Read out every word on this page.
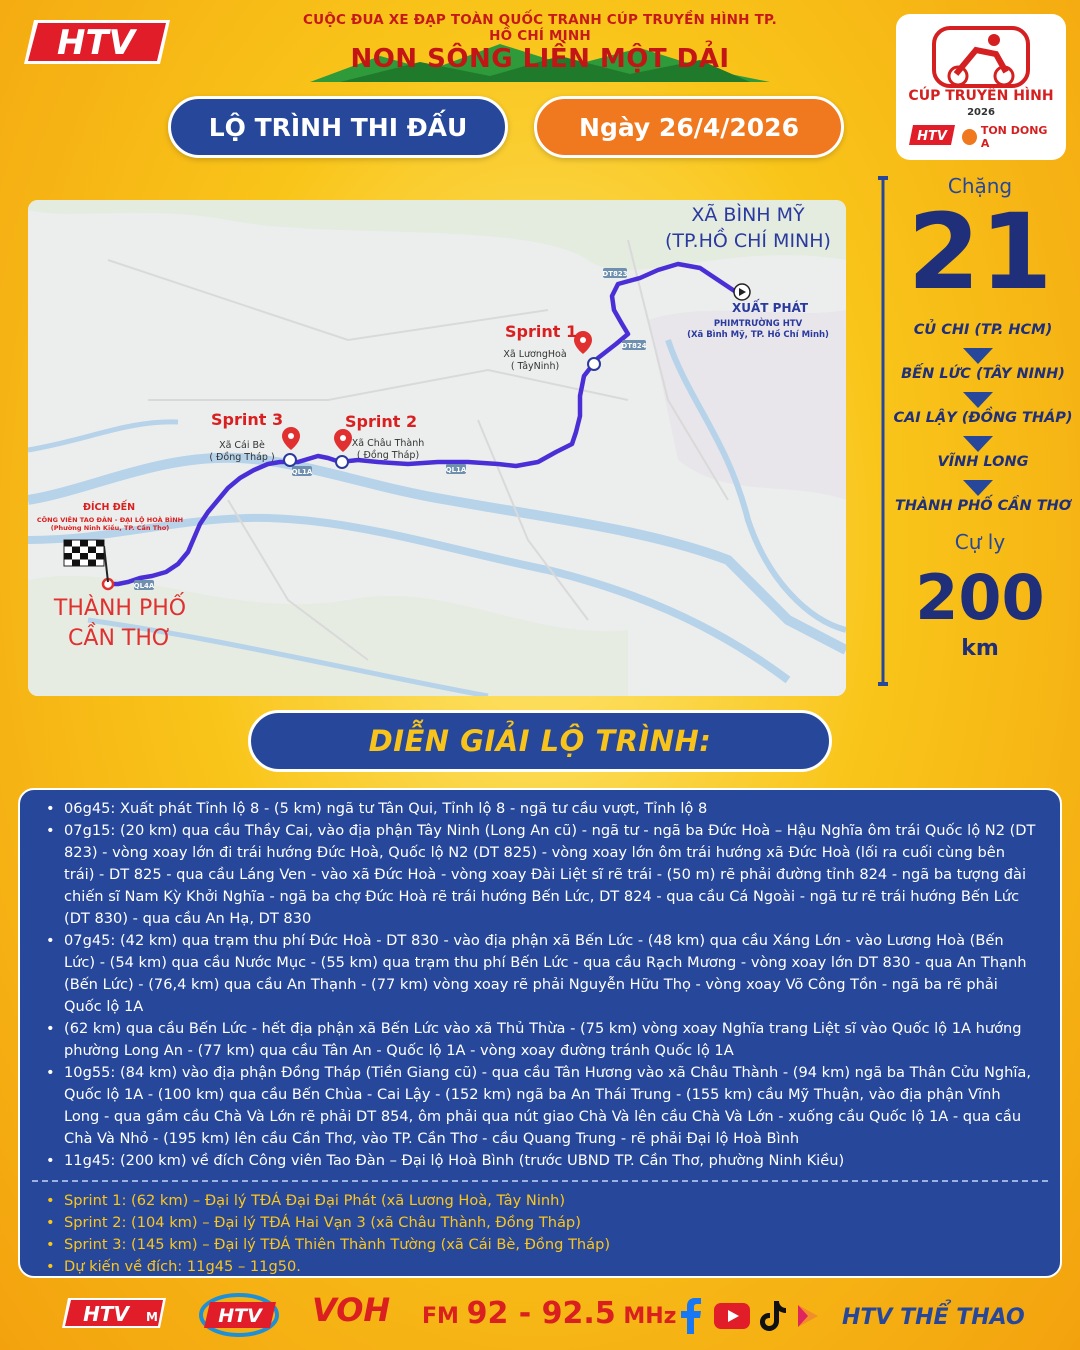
HTV
CUỘC ĐUA XE ĐẠP TOÀN QUỐC TRANH CÚP TRUYỀN HÌNH TP. HỒ CHÍ MINH
NON SÔNG LIỀN MỘT DẢI
LỘ TRÌNH THI ĐẤU	Ngày 26/4/2026
CÚP TRUYỀN HÌNH
2026
HTV	TON DONG A
DT823
DT824
QL1A
QL1A
QL4A
XÃ BÌNH MỸ
(TP.HỒ CHÍ MINH)
XUẤT PHÁT
PHIMTRƯỜNG HTV
(Xã Bình Mỹ, TP. Hồ Chí Minh)
Sprint 1
Xã LươngHoà
( TâyNinh)
Sprint 2
Xã Châu Thành
( Đồng Tháp)
Sprint 3
Xã Cái Bè
( Đồng Tháp )
ĐÍCH ĐẾN
CÔNG VIÊN TAO ĐÀN - ĐẠI LỘ HOÀ BÌNH
(Phường Ninh Kiều, TP. Cần Thơ)
THÀNH PHỐ
CẦN THƠ
Chặng
21
CỦ CHI (TP. HCM)
BẾN LỨC (TÂY NINH)
CAI LẬY (ĐỒNG THÁP)
VĨNH LONG
THÀNH PHỐ CẦN THƠ
Cự ly
200
km
DIỄN GIẢI LỘ TRÌNH:
• 06g45: Xuất phát Tỉnh lộ 8 - (5 km) ngã tư Tân Qui, Tỉnh lộ 8 - ngã tư cầu vượt, Tỉnh lộ 8
• 07g15: (20 km) qua cầu Thầy Cai, vào địa phận Tây Ninh (Long An cũ) - ngã tư - ngã ba Đức Hoà – Hậu Nghĩa ôm trái Quốc lộ N2 (DT 823) - vòng xoay lớn đi trái hướng Đức Hoà, Quốc lộ N2 (DT 825) - vòng xoay lớn ôm trái hướng xã Đức Hoà (lối ra cuối cùng bên trái) - DT 825 - qua cầu Láng Ven - vào xã Đức Hoà - vòng xoay Đài Liệt sĩ rẽ trái - (50 m) rẽ phải đường tỉnh 824 - ngã ba tượng đài chiến sĩ Nam Kỳ Khởi Nghĩa - ngã ba chợ Đức Hoà rẽ trái hướng Bến Lức, DT 824 - qua cầu Cá Ngoài - ngã tư rẽ trái hướng Bến Lức (DT 830) - qua cầu An Hạ, DT 830
• 07g45: (42 km) qua trạm thu phí Đức Hoà - DT 830 - vào địa phận xã Bến Lức - (48 km) qua cầu Xáng Lớn - vào Lương Hoà (Bến Lức) - (54 km) qua cầu Nước Mục - (55 km) qua trạm thu phí Bến Lức - qua cầu Rạch Mương - vòng xoay lớn DT 830 - qua An Thạnh (Bến Lức) - (76,4 km) qua cầu An Thạnh - (77 km) vòng xoay rẽ phải Nguyễn Hữu Thọ - vòng xoay Võ Công Tồn - ngã ba rẽ phải Quốc lộ 1A
• (62 km) qua cầu Bến Lức - hết địa phận xã Bến Lức vào xã Thủ Thừa - (75 km) vòng xoay Nghĩa trang Liệt sĩ vào Quốc lộ 1A hướng phường Long An - (77 km) qua cầu Tân An - Quốc lộ 1A - vòng xoay đường tránh Quốc lộ 1A
• 10g55: (84 km) vào địa phận Đồng Tháp (Tiền Giang cũ) - qua cầu Tân Hương vào xã Châu Thành - (94 km) ngã ba Thân Cửu Nghĩa, Quốc lộ 1A - (100 km) qua cầu Bến Chùa - Cai Lậy - (152 km) ngã ba An Thái Trung - (155 km) cầu Mỹ Thuận, vào địa phận Vĩnh Long - qua gầm cầu Chà Và Lớn rẽ phải DT 854, ôm phải qua nút giao Chà Và lên cầu Chà Và Lớn - xuống cầu Quốc lộ 1A - qua cầu Chà Và Nhỏ - (195 km) lên cầu Cần Thơ, vào TP. Cần Thơ - cầu Quang Trung - rẽ phải Đại lộ Hoà Bình
• 11g45: (200 km) về đích Công viên Tao Đàn – Đại lộ Hoà Bình (trước UBND TP. Cần Thơ, phường Ninh Kiều)
• Sprint 1: (62 km) – Đại lý TĐÁ Đại Đại Phát (xã Lương Hoà, Tây Ninh)
• Sprint 2: (104 km) – Đại lý TĐÁ Hai Vạn 3 (xã Châu Thành, Đồng Tháp)
• Sprint 3: (145 km) – Đại lý TĐÁ Thiên Thành Tường (xã Cái Bè, Đồng Tháp)
• Dự kiến về đích: 11g45 – 11g50.
HTV M	HTV VOH FM 92 - 92.5 MHz	HTV THỂ THAO
